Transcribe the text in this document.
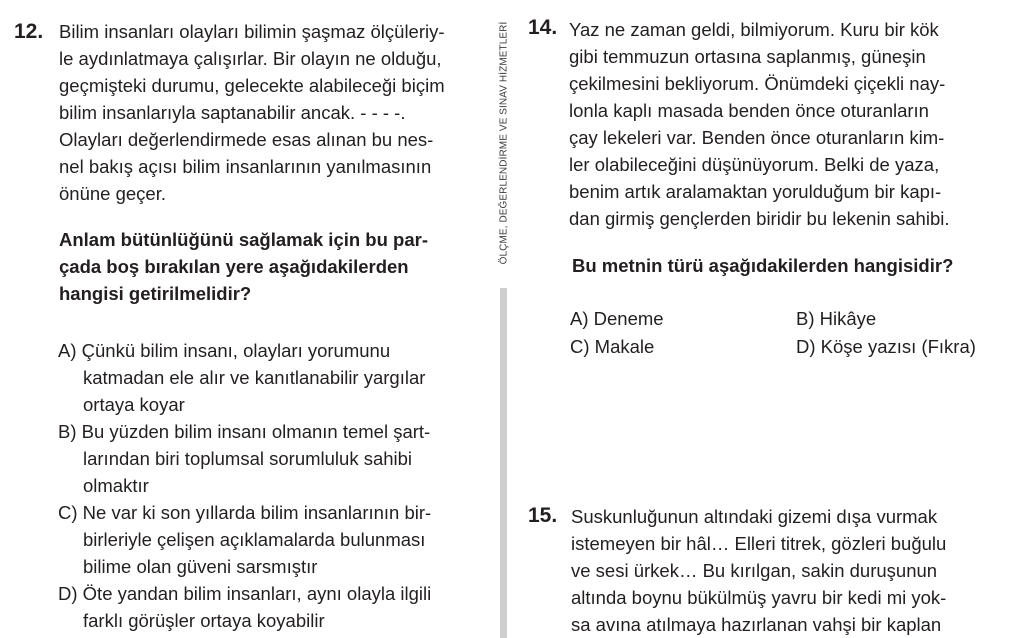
12. Bilim insanları olayları bilimin şaşmaz ölçüleriy-
le aydınlatmaya çalışırlar. Bir olayın ne olduğu,
geçmişteki durumu, gelecekte alabileceği biçim
bilim insanlarıyla saptanabilir ancak. - - - -.
Olayları değerlendirmede esas alınan bu nes-
nel bakış açısı bilim insanlarının yanılmasının
önüne geçer.
Anlam bütünlüğünü sağlamak için bu par-
çada boş bırakılan yere aşağıdakilerden
hangisi getirilmelidir?
A) Çünkü bilim insanı, olayları yorumunu
katmadan ele alır ve kanıtlanabilir yargılar
ortaya koyar
B) Bu yüzden bilim insanı olmanın temel şart-
larından biri toplumsal sorumluluk sahibi
olmaktır
C) Ne var ki son yıllarda bilim insanlarının bir-
birleriyle çelişen açıklamalarda bulunması
bilime olan güveni sarsmıştır
D) Öte yandan bilim insanları, aynı olayla ilgili
farklı görüşler ortaya koyabilir
ÖLÇME, DEĞERLENDİRME VE SINAV HİZMETLERİ 14. Yaz ne zaman geldi, bilmiyorum. Kuru bir kök
gibi temmuzun ortasına saplanmış, güneşin
çekilmesini bekliyorum. Önümdeki çiçekli nay-
lonla kaplı masada benden önce oturanların
çay lekeleri var. Benden önce oturanların kim-
ler olabileceğini düşünüyorum. Belki de yaza,
benim artık aralamaktan yorulduğum bir kapı-
dan girmiş gençlerden biridir bu lekenin sahibi.
Bu metnin türü aşağıdakilerden hangisidir?
A) Deneme	B) Hikâye
C) Makale	D) Köşe yazısı (Fıkra)
15. Suskunluğunun altındaki gizemi dışa vurmak
istemeyen bir hâl… Elleri titrek, gözleri buğulu
ve sesi ürkek… Bu kırılgan, sakin duruşunun
altında boynu bükülmüş yavru bir kedi mi yok-
sa avına atılmaya hazırlanan vahşi bir kaplan
